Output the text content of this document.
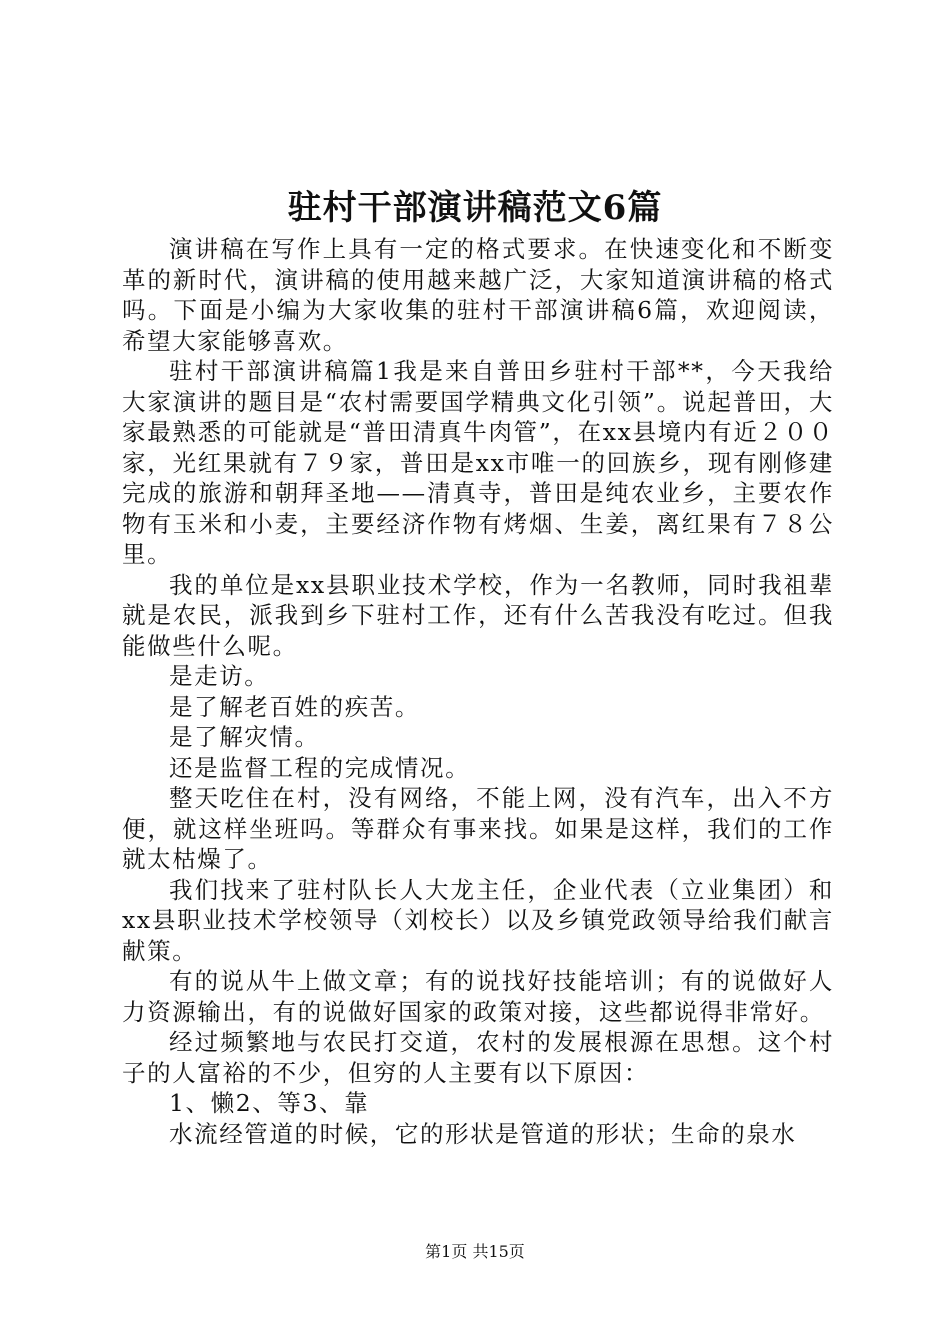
驻村干部演讲稿范文6篇

演讲稿在写作上具有一定的格式要求。在快速变化和不断变革的新时代，演讲稿的使用越来越广泛，大家知道演讲稿的格式吗。下面是小编为大家收集的驻村干部演讲稿6篇，欢迎阅读，希望大家能够喜欢。

驻村干部演讲稿篇1我是来自普田乡驻村干部**，今天我给大家演讲的题目是“农村需要国学精典文化引领”。说起普田，大家最熟悉的可能就是“普田清真牛肉管”，在xx县境内有近２００家，光红果就有７９家，普田是xx市唯一的回族乡，现有刚修建完成的旅游和朝拜圣地——清真寺，普田是纯农业乡，主要农作物有玉米和小麦，主要经济作物有烤烟、生姜，离红果有７８公里。

我的单位是xx县职业技术学校，作为一名教师，同时我祖辈就是农民，派我到乡下驻村工作，还有什么苦我没有吃过。但我能做些什么呢。

是走访。

是了解老百姓的疾苦。

是了解灾情。

还是监督工程的完成情况。

整天吃住在村，没有网络，不能上网，没有汽车，出入不方便，就这样坐班吗。等群众有事来找。如果是这样，我们的工作就太枯燥了。

我们找来了驻村队长人大龙主任，企业代表（立业集团）和xx县职业技术学校领导（刘校长）以及乡镇党政领导给我们献言献策。

有的说从牛上做文章；有的说找好技能培训；有的说做好人力资源输出，有的说做好国家的政策对接，这些都说得非常好。

经过频繁地与农民打交道，农村的发展根源在思想。这个村子的人富裕的不少，但穷的人主要有以下原因：

1、懒2、等3、靠

水流经管道的时候，它的形状是管道的形状；生命的泉水

第1页 共15页
